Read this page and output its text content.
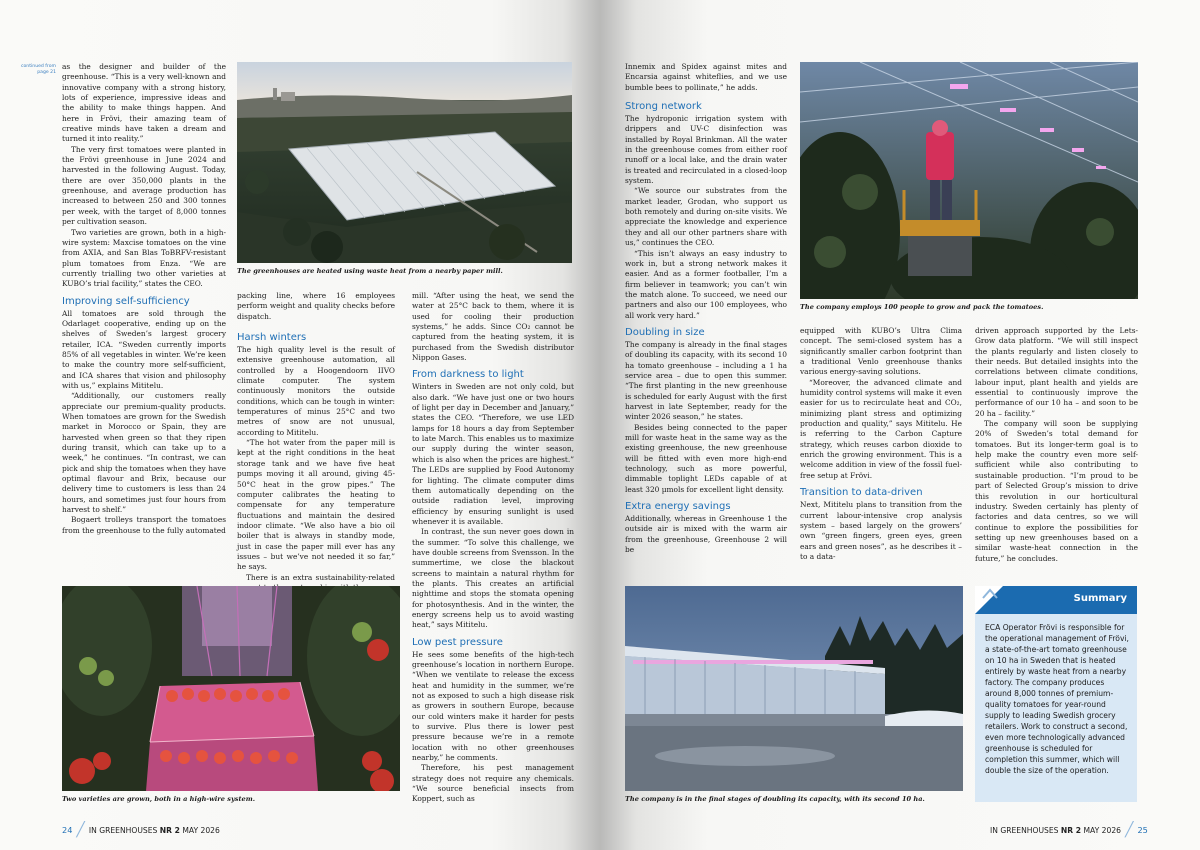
continued from page 21

as the designer and builder of the greenhouse. “This is a very well-known and innovative company with a strong history, lots of experience, impressive ideas and the ability to make things happen. And here in Frövi, their amazing team of creative minds have taken a dream and turned it into reality.”

The very first tomatoes were planted in the Frövi greenhouse in June 2024 and harvested in the following August. Today, there are over 350,000 plants in the greenhouse, and average production has increased to between 250 and 300 tonnes per week, with the target of 8,000 tonnes per cultivation season.

Two varieties are grown, both in a high-wire system: Maxcise tomatoes on the vine from AXIA, and San Blas ToBRFV-resistant plum tomatoes from Enza. “We are currently trialling two other varieties at KUBO’s trial facility,” states the CEO.

Improving self-sufficiency

All tomatoes are sold through the Odarlaget cooperative, ending up on the shelves of Sweden’s largest grocery retailer, ICA. “Sweden currently imports 85% of all vegetables in winter. We’re keen to make the country more self-sufficient, and ICA shares that vision and philosophy with us,” explains Mititelu.

“Additionally, our customers really appreciate our premium-quality products. When tomatoes are grown for the Swedish market in Morocco or Spain, they are harvested when green so that they ripen during transit, which can take up to a week,” he continues. “In contrast, we can pick and ship the tomatoes when they have optimal flavour and Brix, because our delivery time to customers is less than 24 hours, and sometimes just four hours from harvest to shelf.”

Bogaert trolleys transport the tomatoes from the greenhouse to the fully automated

The greenhouses are heated using waste heat from a nearby paper mill.

packing line, where 16 employees perform weight and quality checks before dispatch.

Harsh winters

The high quality level is the result of extensive greenhouse automation, all controlled by a Hoogendoorn IIVO climate computer. The system continuously monitors the outside conditions, which can be tough in winter: temperatures of minus 25°C and two metres of snow are not unusual, according to Mititelu.

“The hot water from the paper mill is kept at the right conditions in the heat storage tank and we have five heat pumps moving it all around, giving 45-50°C heat in the grow pipes.” The computer calibrates the heating to compensate for any temperature fluctuations and maintain the desired indoor climate. “We also have a bio oil boiler that is always in standby mode, just in case the paper mill ever has any issues – but we’ve not needed it so far,” he says.

There is an extra sustainability-related

mill. “After using the heat, we send the water at 25°C back to them, where it is used for cooling their production systems,” he adds. Since CO₂ cannot be captured from the heating system, it is purchased from the Swedish distributor Nippon Gases.

From darkness to light

Winters in Sweden are not only cold, but also dark. “We have just one or two hours of light per day in December and January,” states the CEO. “Therefore, we use LED lamps for 18 hours a day from September to late March. This enables us to maximize our supply during the winter season, which is also when the prices are highest.” The LEDs are supplied by Food Autonomy for lighting. The climate computer dims them automatically depending on the outside radiation level, improving efficiency by ensuring sunlight is used whenever it is available.

In contrast, the sun never goes down in the summer. “To solve this challenge, we have double screens from Svensson. In the summertime, we close the blackout screens to maintain a natural rhythm for the plants. This creates an artificial nighttime and stops the stomata opening for photosynthesis. And in the winter, the energy screens help us to avoid wasting heat,” says Mititelu.

Low pest pressure

He sees some benefits of the high-tech greenhouse’s location in northern Europe. “When we ventilate to release the excess heat and humidity in the summer, we’re not as exposed to such a high disease risk as growers in southern Europe, because our cold winters make it harder for pests to survive. Plus there is lower pest pressure because we’re in a remote location with no other greenhouses nearby,” he comments.

Therefore, his pest management strategy does not require any chemicals. “We source beneficial insects from Koppert, such as

Two varieties are grown, both in a high-wire system.
24 ╱ IN GREENHOUSES NR 2 MAY 2026

Innemix and Spidex against mites and Encarsia against whiteflies, and we use bumble bees to pollinate,” he adds.

Strong network

The hydroponic irrigation system with drippers and UV-C disinfection was installed by Royal Brinkman. All the water in the greenhouse comes from either roof runoff or a local lake, and the drain water is treated and recirculated in a closed-loop system.

“We source our substrates from the market leader, Grodan, who support us both remotely and during on-site visits. We appreciate the knowledge and experience they and all our other partners share with us,” continues the CEO.

“This isn’t always an easy industry to work in, but a strong network makes it easier. And as a former footballer, I’m a firm believer in teamwork; you can’t win the match alone. To succeed, we need our partners and also our 100 employees, who all work very hard.”

Doubling in size

The company is already in the final stages of doubling its capacity, with its second 10 ha tomato greenhouse – including a 1 ha service area – due to open this summer. “The first planting in the new greenhouse is scheduled for early August with the first harvest in late September, ready for the winter 2026 season,” he states.

Besides being connected to the paper mill for waste heat in the same way as the existing greenhouse, the new greenhouse will be fitted with even more high-end technology, such as more powerful, dimmable toplight LEDs capable of at least 320 µmols for excellent light density.

Extra energy savings

Additionally, whereas in Greenhouse 1 the outside air is mixed with the warm air from the greenhouse, Greenhouse 2 will be

The company employs 100 people to grow and pack the tomatoes.

equipped with KUBO’s Ultra Clima concept. The semi-closed system has a significantly smaller carbon footprint than a traditional Venlo greenhouse thanks various energy-saving solutions.

“Moreover, the advanced climate and humidity control systems will make it even easier for us to recirculate heat and CO₂, minimizing plant stress and optimizing production and quality,” says Mititelu. He is referring to the Carbon Capture strategy, which reuses carbon dioxide to enrich the growing environment. This is a welcome addition in view of the fossil fuel-free setup at Frövi.

Transition to data-driven

Next, Mititelu plans to transition from the current labour-intensive crop analysis system – based largely on the growers’ own “green fingers, green eyes, green ears and green noses”, as he describes it – to a data-

driven approach supported by the Lets-Grow data platform. “We will still inspect the plants regularly and listen closely to their needs. But detailed insights into the correlations between climate conditions, labour input, plant health and yields are essential to continuously improve the performance of our 10 ha – and soon to be 20 ha – facility.”

The company will soon be supplying 20% of Sweden’s total demand for tomatoes. But its longer-term goal is to help make the country even more self-sufficient while also contributing to sustainable production. “I’m proud to be part of Selected Group’s mission to drive this revolution in our horticultural industry. Sweden certainly has plenty of factories and data centres, so we will continue to explore the possibilities for setting up new greenhouses based on a similar waste-heat connection in the future,” he concludes.

The company is in the final stages of doubling its capacity, with its second 10 ha.
IN GREENHOUSES NR 2 MAY 2026 ╱ 25
Summary
ECA Operator Frövi is responsible for the operational management of Frövi, a state-of-the-art tomato greenhouse on 10 ha in Sweden that is heated entirely by waste heat from a nearby factory. The company produces around 8,000 tonnes of premium-quality tomatoes for year-round supply to leading Swedish grocery retailers. Work to construct a second, even more technologically advanced greenhouse is scheduled for completion this summer, which will double the size of the operation.
